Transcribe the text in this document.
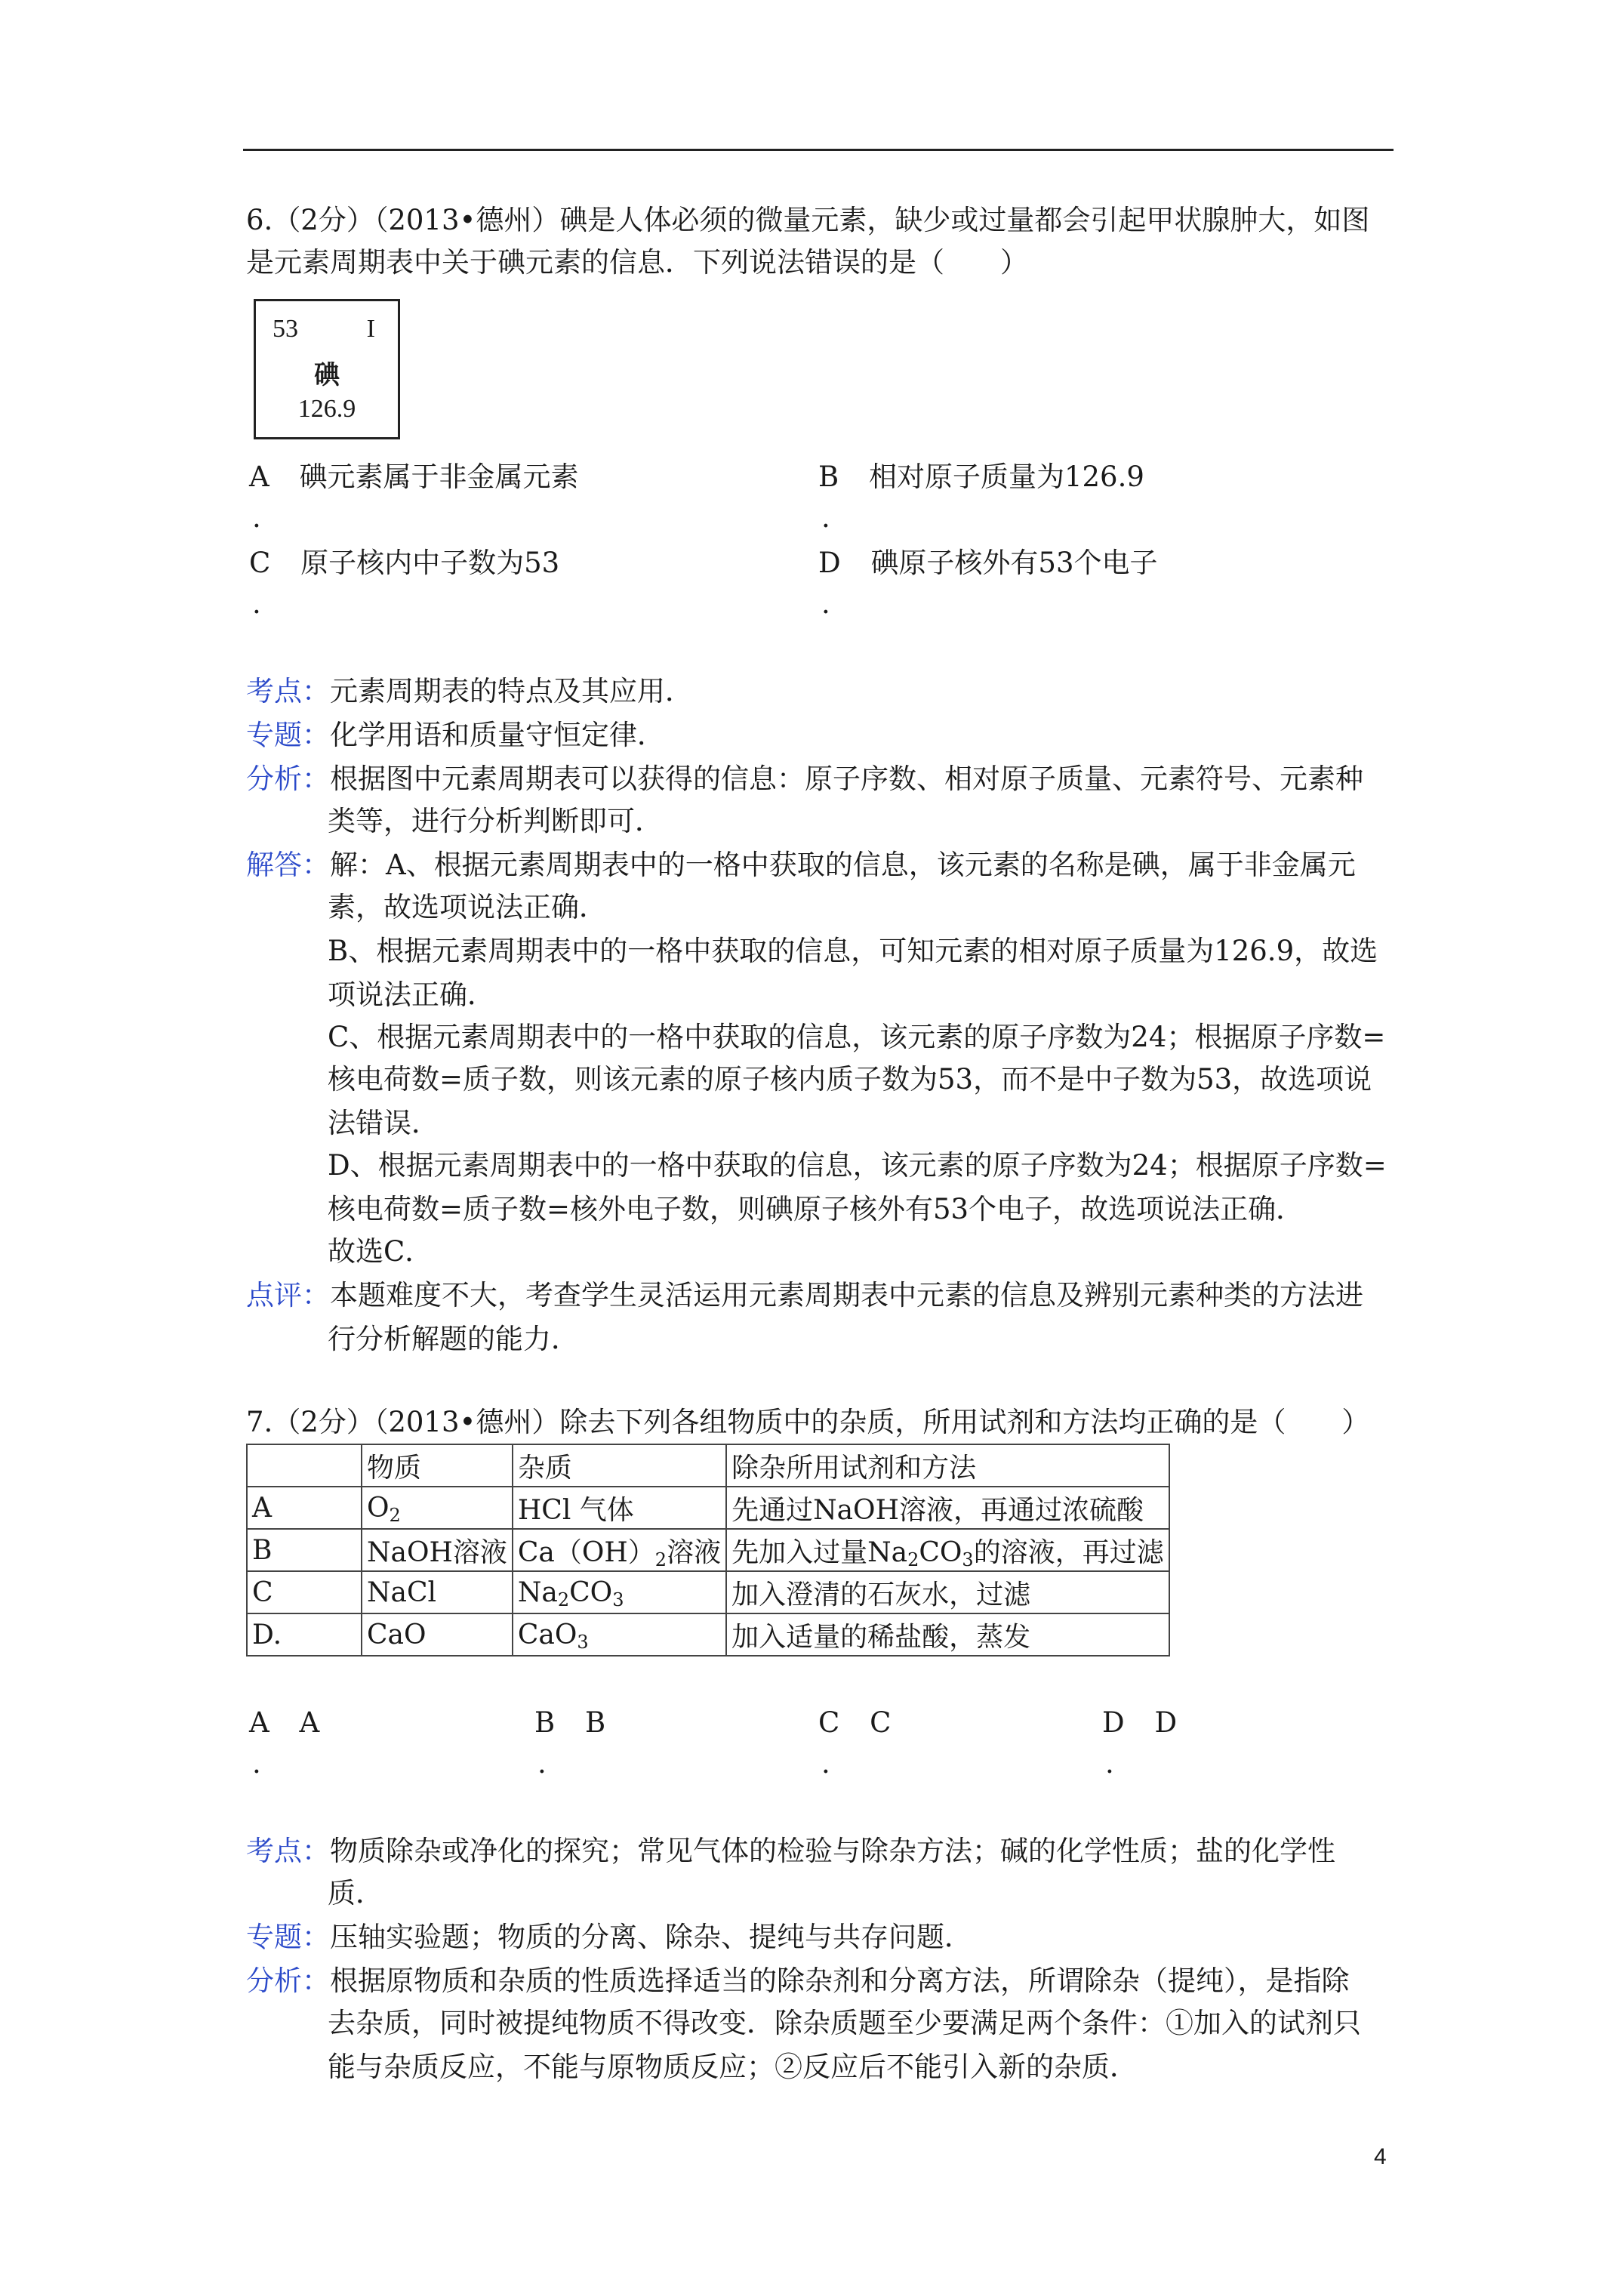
6.（2分）（2013•德州）碘是人体必须的微量元素，缺少或过量都会引起甲状腺肿大，如图
是元素周期表中关于碘元素的信息．下列说法错误的是（　　）
53	I
碘
126.9
A 碘元素属于非金属元素
.
B 相对原子质量为126.9
.
C 原子核内中子数为53
.
D 碘原子核外有53个电子
.
考点：元素周期表的特点及其应用．
专题：化学用语和质量守恒定律．
分析：根据图中元素周期表可以获得的信息：原子序数、相对原子质量、元素符号、元素种
类等，进行分析判断即可．
解答：解：A、根据元素周期表中的一格中获取的信息，该元素的名称是碘，属于非金属元
素，故选项说法正确．
B、根据元素周期表中的一格中获取的信息，可知元素的相对原子质量为126.9，故选
项说法正确．
C、根据元素周期表中的一格中获取的信息，该元素的原子序数为24；根据原子序数=
核电荷数=质子数，则该元素的原子核内质子数为53，而不是中子数为53，故选项说
法错误．
D、根据元素周期表中的一格中获取的信息，该元素的原子序数为24；根据原子序数=
核电荷数=质子数=核外电子数，则碘原子核外有53个电子，故选项说法正确．
故选C．
点评：本题难度不大，考查学生灵活运用元素周期表中元素的信息及辨别元素种类的方法进
行分析解题的能力．
7.（2分）（2013•德州）除去下列各组物质中的杂质，所用试剂和方法均正确的是（　　）
	物质	杂质	除杂所用试剂和方法
A	$O_2$	HCl 气体	先通过NaOH溶液，再通过浓硫酸
B	NaOH溶液	$Ca(OH)_2$溶液	先加入过量$Na_2CO_3$的溶液，再过滤
C	NaCl	$Na_2CO_3$	加入澄清的石灰水，过滤
D.	CaO	CaO$_3$	加入适量的稀盐酸，蒸发
A A
.
B B
.
C C
.
D D
.
考点：物质除杂或净化的探究；常见气体的检验与除杂方法；碱的化学性质；盐的化学性
质．
专题：压轴实验题；物质的分离、除杂、提纯与共存问题．
分析：根据原物质和杂质的性质选择适当的除杂剂和分离方法，所谓除杂（提纯），是指除
去杂质，同时被提纯物质不得改变．除杂质题至少要满足两个条件：①加入的试剂只
能与杂质反应，不能与原物质反应；②反应后不能引入新的杂质．
4
